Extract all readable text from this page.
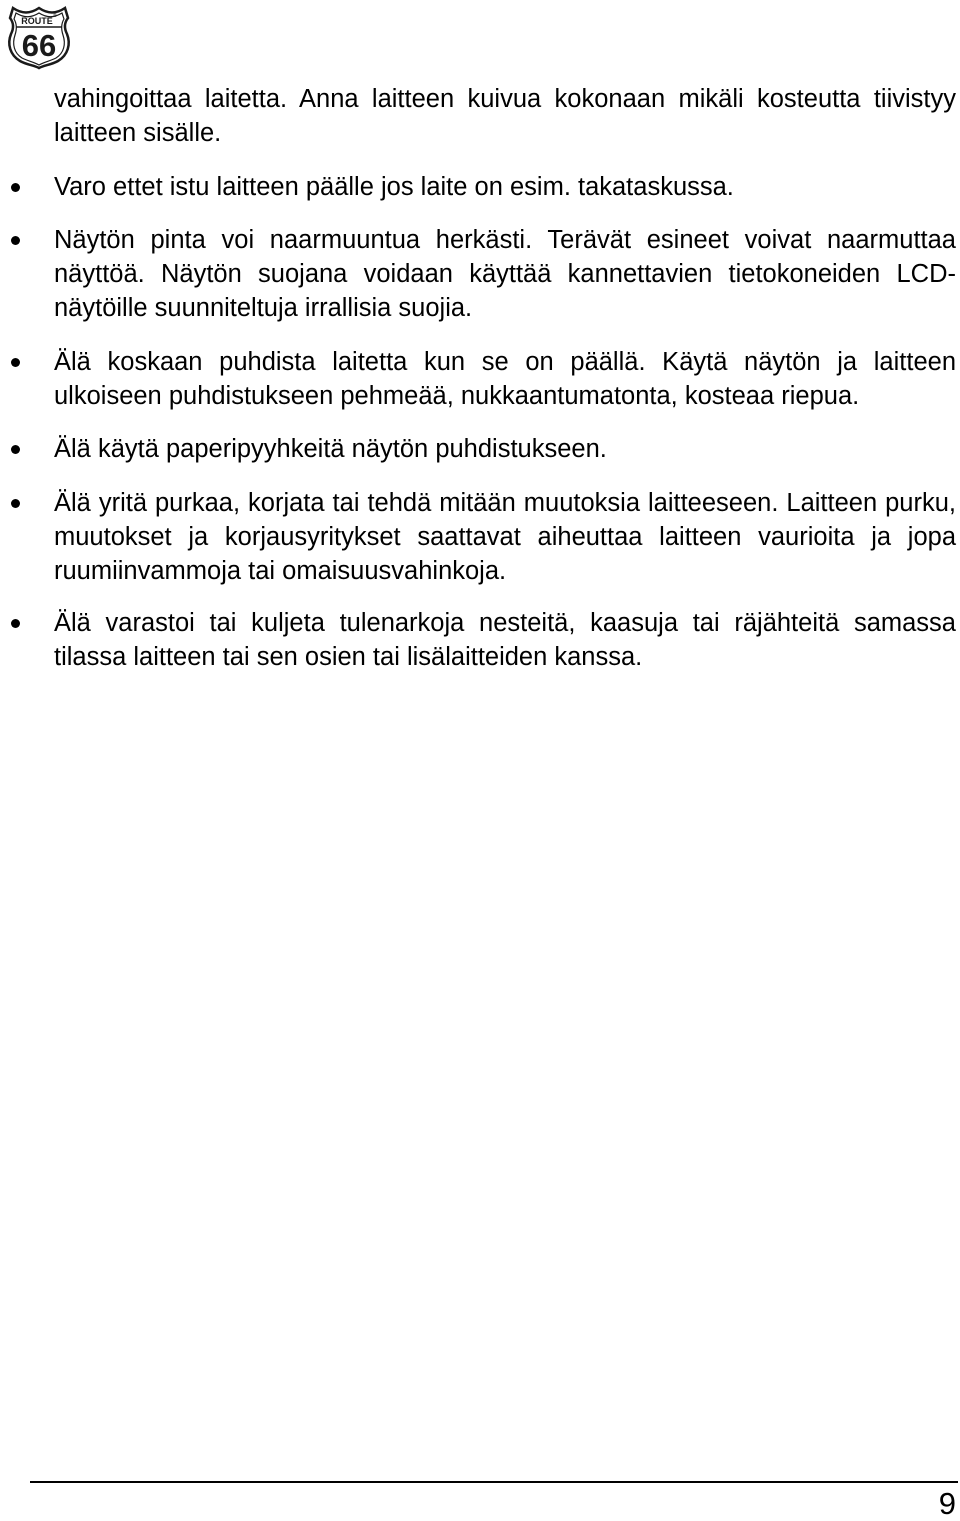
ROUTE ®
66

vahingoittaa laitetta. Anna laitteen kuivua kokonaan mikäli kosteutta tiivistyy laitteen sisälle.

Varo ettet istu laitteen päälle jos laite on esim. takataskussa.
Näytön pinta voi naarmuuntua herkästi. Terävät esineet voivat naarmuttaa näyttöä. Näytön suojana voidaan käyttää kannettavien tietokoneiden LCD-näytöille suunniteltuja irrallisia suojia.
Älä koskaan puhdista laitetta kun se on päällä. Käytä näytön ja laitteen ulkoiseen puhdistukseen pehmeää, nukkaantumatonta, kosteaa riepua.
Älä käytä paperipyyhkeitä näytön puhdistukseen.
Älä yritä purkaa, korjata tai tehdä mitään muutoksia laitteeseen. Laitteen purku, muutokset ja korjausyritykset saattavat aiheuttaa laitteen vaurioita ja jopa ruumiinvammoja tai omaisuusvahinkoja.
Älä varastoi tai kuljeta tulenarkoja nesteitä, kaasuja tai räjähteitä samassa tilassa laitteen tai sen osien tai lisälaitteiden kanssa.
9
